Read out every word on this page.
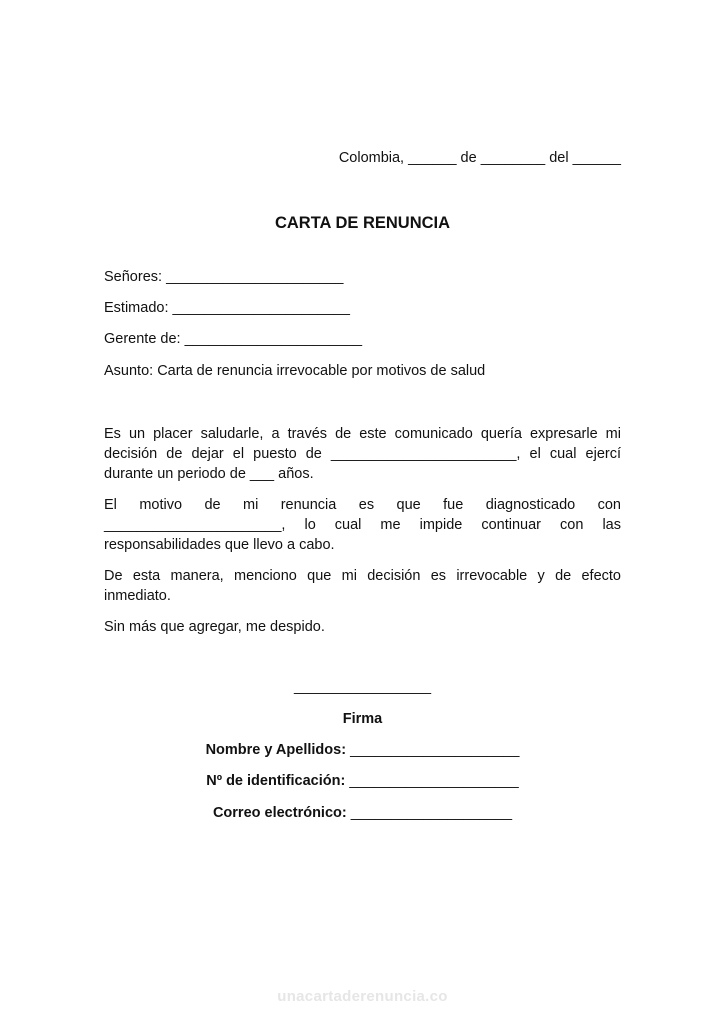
Colombia, ______ de ________ del ______
CARTA DE RENUNCIA
Señores: ______________________
Estimado: ______________________
Gerente de: ______________________
Asunto: Carta de renuncia irrevocable por motivos de salud

Es un placer saludarle, a través de este comunicado quería expresarle mi decisión de dejar el puesto de _______________________, el cual ejercí durante un periodo de ___ años.

El motivo de mi renuncia es que fue diagnosticado con ______________________, lo cual me impide continuar con las responsabilidades que llevo a cabo.

De esta manera, menciono que mi decisión es irrevocable y de efecto inmediato.

Sin más que agregar, me despido.

_________________
Firma
Nombre y Apellidos: _____________________
Nº de identificación: _____________________
Correo electrónico: ____________________
unacartaderenuncia.co
